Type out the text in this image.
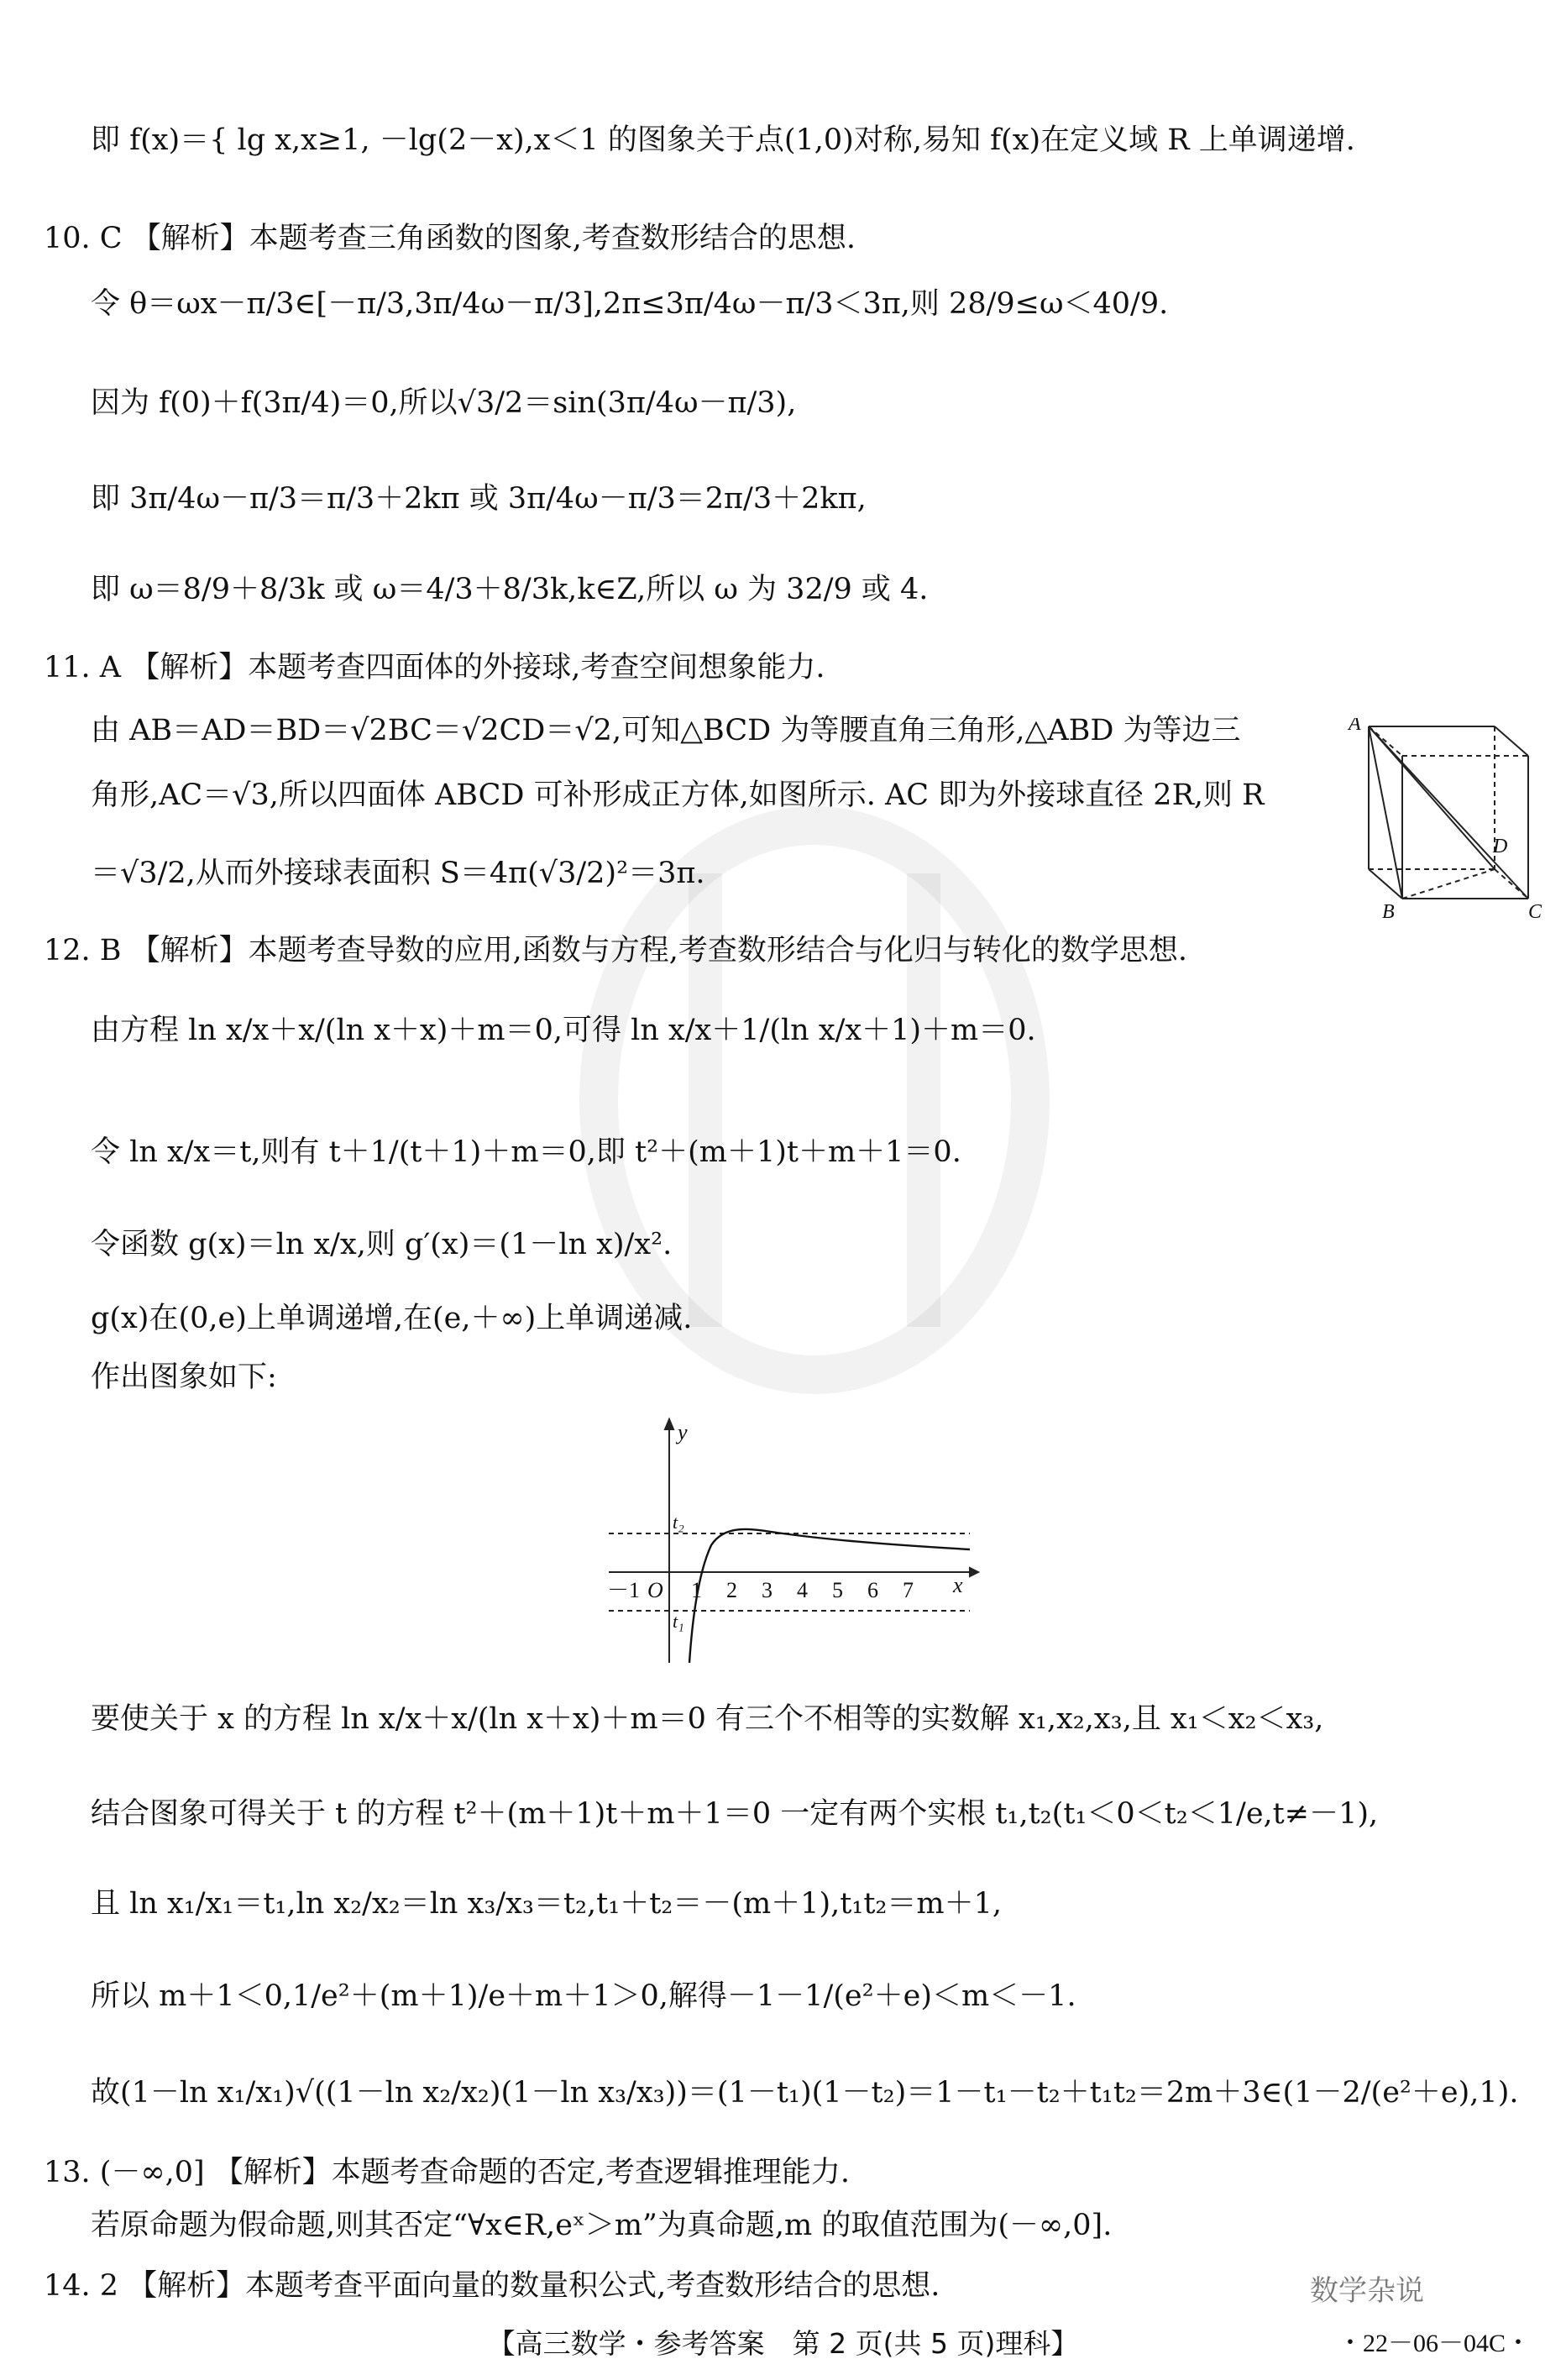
即 f(x)＝{ lg x,x≥1, －lg(2－x),x＜1 的图象关于点(1,0)对称,易知 f(x)在定义域 R 上单调递增.
10. C 【解析】本题考查三角函数的图象,考查数形结合的思想.
令 θ＝ωx－π/3∈[－π/3,3π/4ω－π/3],2π≤3π/4ω－π/3＜3π,则 28/9≤ω＜40/9.
因为 f(0)＋f(3π/4)＝0,所以√3/2＝sin(3π/4ω－π/3),
即 3π/4ω－π/3＝π/3＋2kπ 或 3π/4ω－π/3＝2π/3＋2kπ,
即 ω＝8/9＋8/3k 或 ω＝4/3＋8/3k,k∈Z,所以 ω 为 32/9 或 4.
11. A 【解析】本题考查四面体的外接球,考查空间想象能力.
由 AB＝AD＝BD＝√2BC＝√2CD＝√2,可知△BCD 为等腰直角三角形,△ABD 为等边三
角形,AC＝√3,所以四面体 ABCD 可补形成正方体,如图所示. AC 即为外接球直径 2R,则 R
＝√3/2,从而外接球表面积 S＝4π(√3/2)²＝3π.
12. B 【解析】本题考查导数的应用,函数与方程,考查数形结合与化归与转化的数学思想.
由方程 ln x/x＋x/(ln x＋x)＋m＝0,可得 ln x/x＋1/(ln x/x＋1)＋m＝0.
令 ln x/x＝t,则有 t＋1/(t＋1)＋m＝0,即 t²＋(m＋1)t＋m＋1＝0.
令函数 g(x)＝ln x/x,则 g′(x)＝(1－ln x)/x².
g(x)在(0,e)上单调递增,在(e,＋∞)上单调递减.
作出图象如下:
要使关于 x 的方程 ln x/x＋x/(ln x＋x)＋m＝0 有三个不相等的实数解 x₁,x₂,x₃,且 x₁＜x₂＜x₃,
结合图象可得关于 t 的方程 t²＋(m＋1)t＋m＋1＝0 一定有两个实根 t₁,t₂(t₁＜0＜t₂＜1/e,t≠－1),
且 ln x₁/x₁＝t₁,ln x₂/x₂＝ln x₃/x₃＝t₂,t₁＋t₂＝－(m＋1),t₁t₂＝m＋1,
所以 m＋1＜0,1/e²＋(m＋1)/e＋m＋1＞0,解得－1－1/(e²＋e)＜m＜－1.
故(1－ln x₁/x₁)√((1－ln x₂/x₂)(1－ln x₃/x₃))＝(1－t₁)(1－t₂)＝1－t₁－t₂＋t₁t₂＝2m＋3∈(1－2/(e²＋e),1).
13. (－∞,0] 【解析】本题考查命题的否定,考查逻辑推理能力.
若原命题为假命题,则其否定“∀x∈R,eˣ＞m”为真命题,m 的取值范围为(－∞,0].
14. 2 【解析】本题考查平面向量的数量积公式,考查数形结合的思想.
A
B	C
D
－1 O 1 2 3 4 5 6 7 x
y
t₂
t₁
数学杂说
【高三数学・参考答案　第 2 页(共 5 页)理科】	・22－06－04C・
